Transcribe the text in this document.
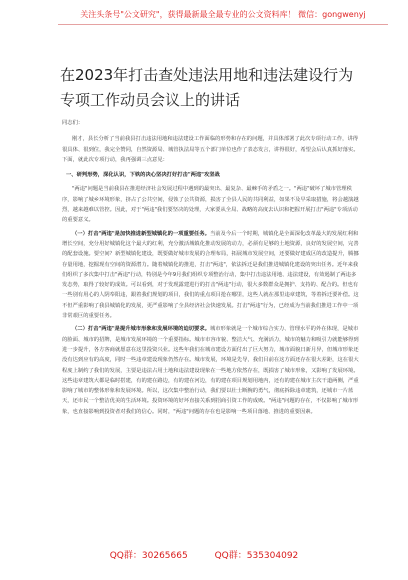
关注头条号"公文研究"，获得最新最全最专业的公文资料库！ 微信：gongwenyj
在2023年打击查处违法用地和违法建设行为专项工作动员会议上的讲话

同志们：

刚才，县长分析了当前我县打击违法用地和违法建设工作面临的形势和存在的问题，并具体部署了此次专项行动工作，讲得很具体、很到位，我完全赞同，自然资源局、城管执法局等五个部门单位也作了表态发言，讲得很好，希望会后认真抓好落实。下面，就此次专项行动，我再强调三点意见：

一、研判形势，深化认识，下铁的决心坚决打好打击"两违"攻坚战

"两违"问题是当前我县在推进经济社会发展过程中遇到的最突出、最复杂、最棘手的矛盾之一。"两违"破坏了城市管理秩序，影响了城乡环境形象，挤占了公共空间，侵蚀了公共资源，损害了全县人民的共同利益，如果不及早采取措施，将会越演越烈，越来越难以管控。因此，对于"两违"我们要坚决的处理，大家要从全局、战略的高度去认识和把握开展打击"两违"专项活动的重要意义。

（一）打击"两违"是加快推进新型城镇化的一项重要任务。当前及今后一个时期，城镇化是全面深化改革最大的发展红利和增长空间，充分用好城镇化这个最大的红利，充分激活城镇化推动发展的动力，必须有足够的土地资源，良好的发展空间，完善的配套设施。要空间？新型城镇化建设，既要做好城市发展的合理布局，拓展城市发展空间，还要做好建成区的改造提升，腾挪存量用地，挖掘现有空间的资源潜力。随着城镇化的推进，打击"两违"，依法拆迁是我们推进城镇化建设的突出任务。近年来我们组织了多次集中打击"两违"行动，特别是今年9月我们组织专项整治行动，集中打击违法用地、违法建设，有效遏制了两违多发态势，取得了较好的成效。可以看到，对于发现露建进行的打击"两违"行动，很大多数群众是拥护、支持的、配合的。但也有一些别有用心的人阴奉阳违，跟着我们规划的项目，我们的重点项目抢在哪里，这些人就在那里违章建筑，等着拆迁要补偿。这不但严重影响了我县城镇化的发展，更严重影响了全县经济社会快速发展。打击"两违"行为，已经成为当前我们推进工作中一项非常艰巨的重要任务。

（二）打击"两违"是提升城市形象和发展环境的迫切要求。城市形象就是一个城市综合实力、管理水平的外在体现，是城市的脸面、城市的招牌，是城市发展环境的一个重要指标。城市市容市貌、整洁大气、充满活力，城市的魅力和吸引力就能够得到进一步提升，各方客商就愿意在这里投资兴业。这些年我们在城市建设方面付出了巨大努力，城市面貌日新月异，但城市形象还没有达到应有的高度，同时一些违章建设现象仍然存在。城市发展，环境是先导，我们目前在这方面还存在很大差距，这在很大程度上制约了我们的发展，主要是违法占用土地和违法建设现象在一些地方依然存在，既损害了城市形象，又影响了发展环境。这些违章建筑大都是临时搭建，有的建在路边，有的建在河边，有的建在项目规划用地内，还有的建在城市主次干道两侧，严重影响了城市的整体形象和发展环境。所以，这次集中整治行动，我们要以壮士断腕的勇气，彻底拆除违章建筑，还城市一片蓝天，还市民一个整洁优美的生活环境。投资环境的好坏直接关系到招商引资工作的成败。"两违"问题的存在，不仅影响了城市形象，也直接影响到投资者对我们的信心。同时，"两违"问题的存在也是影响一些项目落地、推进的重要因素。

QQ群：30265665	QQ群：535304092
